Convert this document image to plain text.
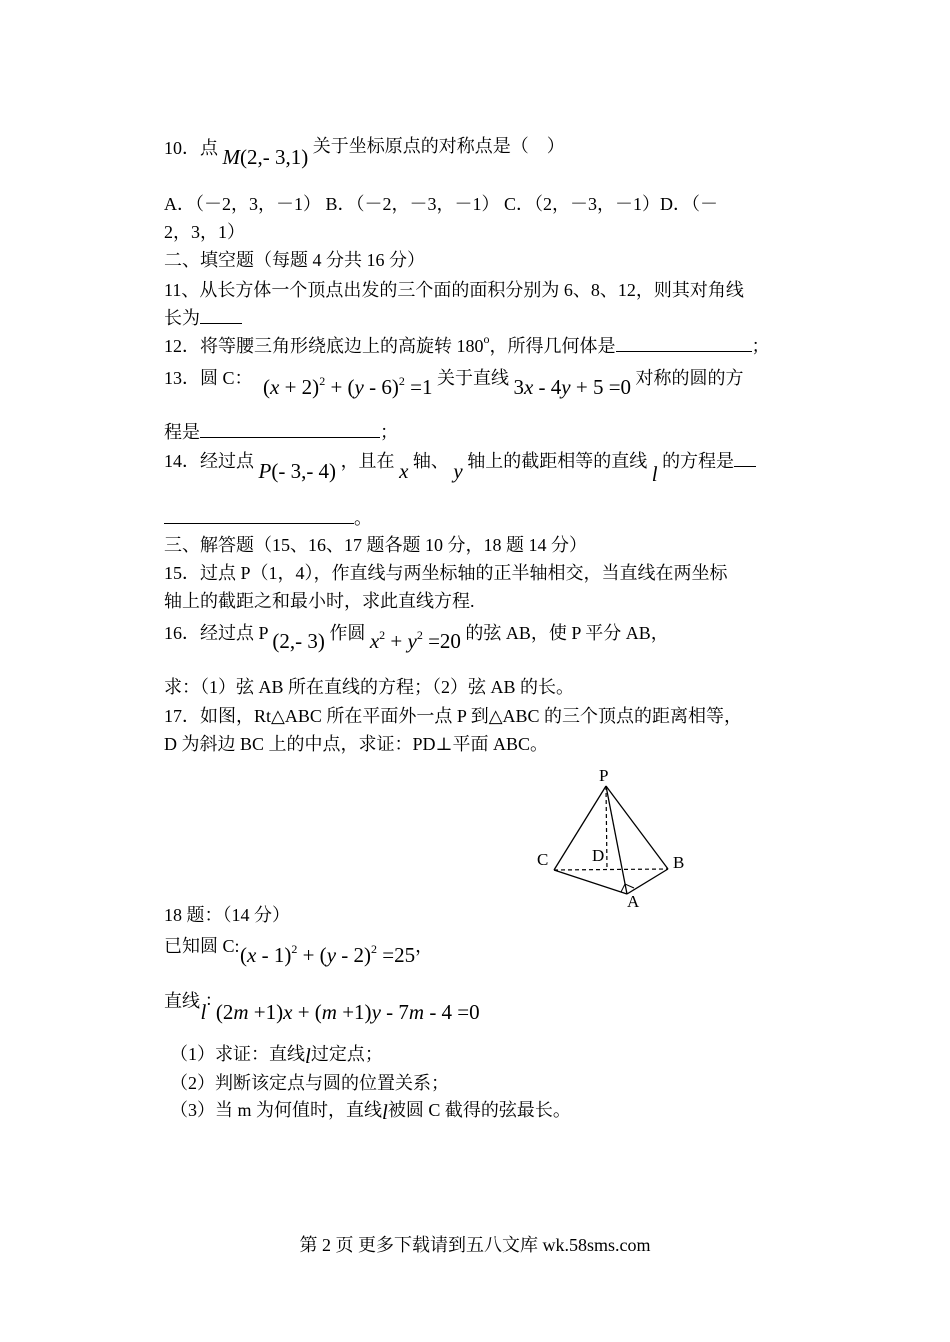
10．点 M(2,- 3,1) 关于坐标原点的对称点是（　）
A．（－2，3，－1） B．（－2，－3，－1） C．（2，－3，－1）D．（－
2，3，1）
二、填空题（每题 4 分共 16 分）
11、从长方体一个顶点出发的三个面的面积分别为 6、8、12，则其对角线
长为
12．将等腰三角形绕底边上的高旋转 180$^o$，所得几何体是	；
13．圆 C： $(x + 2)^2 + (y - 6)^2 =1$ 关于直线 3x - 4y + 5 =0 对称的圆的方
程是	；
14．经过点 P(- 3,- 4) ，且在 x 轴、 y 轴上的截距相等的直线 l 的方程是
。
三、解答题（15、16、17 题各题 10 分，18 题 14 分）
15．过点 P（1，4），作直线与两坐标轴的正半轴相交，当直线在两坐标
轴上的截距之和最小时，求此直线方程.
16．经过点 P (2,- 3) 作圆 $x^2 + y^2 =20$ 的弦 AB，使 P 平分 AB，
求：（1）弦 AB 所在直线的方程；（2）弦 AB 的长。
17．如图，Rt△ABC 所在平面外一点 P 到△ABC 的三个顶点的距离相等，
D 为斜边 BC 上的中点，求证：PD⊥平面 ABC。
P
C	D	B
A
18 题：（14 分）
已知圆 C: (x - 1)$^2$ + (y - 2)$^2$ =25，
直线 l: (2m +1)x + (m +1)y - 7m - 4 =0
（1）求证：直线l过定点；
（2）判断该定点与圆的位置关系；
（3）当 m 为何值时，直线l被圆 C 截得的弦最长。
第 2 页 更多下载请到五八文库 wk.58sms.com
